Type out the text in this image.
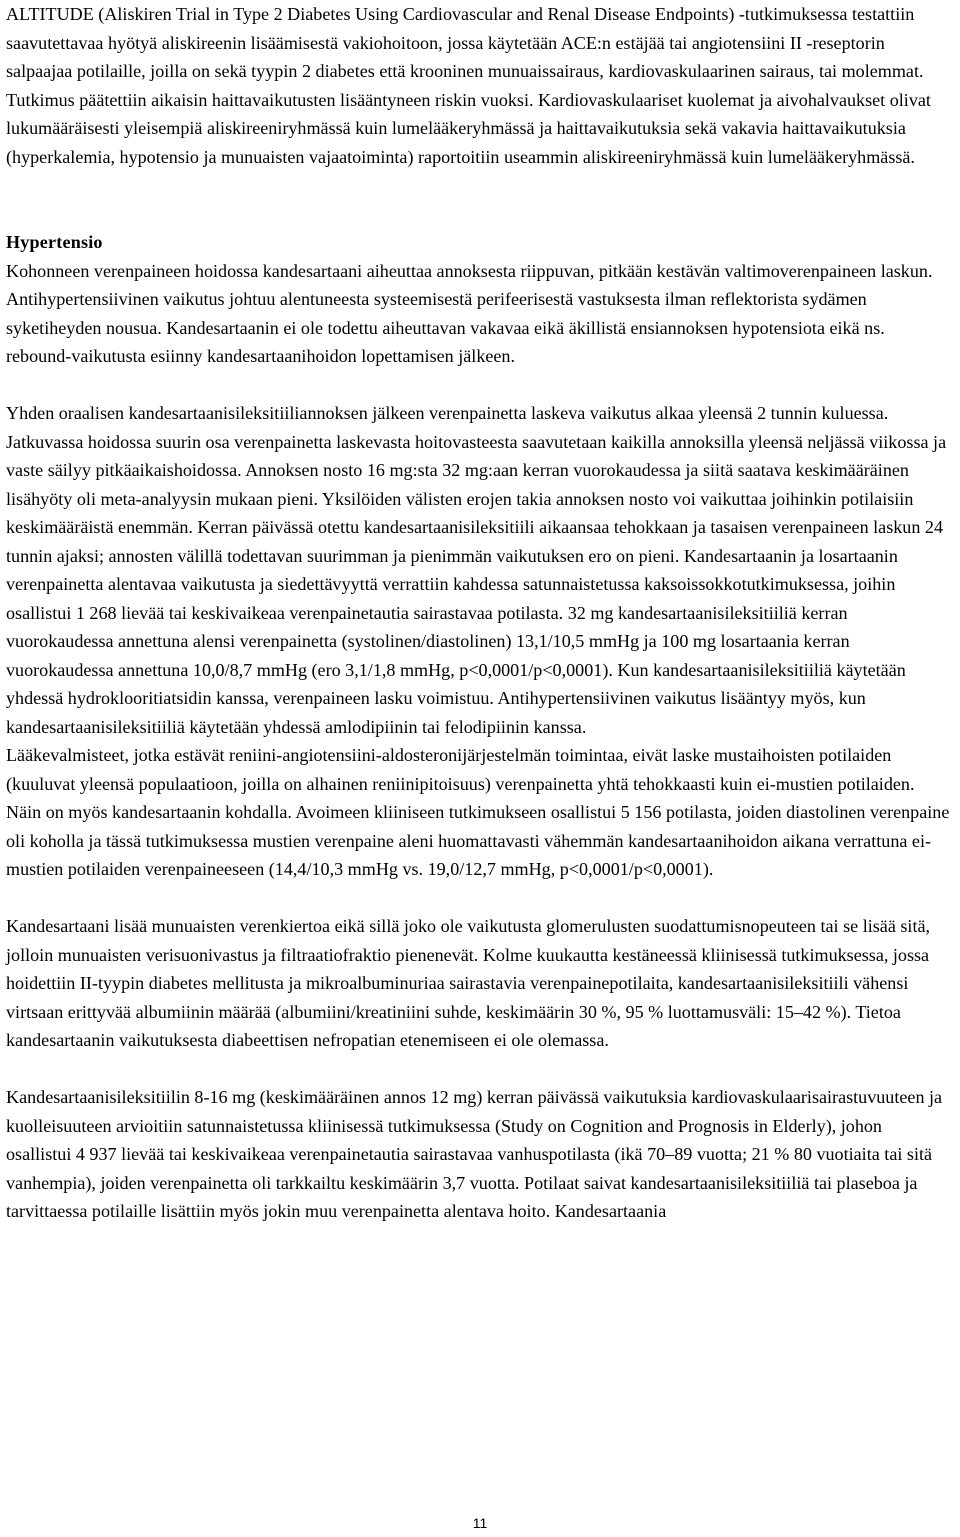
ALTITUDE (Aliskiren Trial in Type 2 Diabetes Using Cardiovascular and Renal Disease Endpoints) -tutkimuksessa testattiin saavutettavaa hyötyä aliskireenin lisäämisestä vakiohoitoon, jossa käytetään ACE:n estäjää tai angiotensiini II -reseptorin salpaajaa potilaille, joilla on sekä tyypin 2 diabetes että krooninen munuaissairaus, kardiovaskulaarinen sairaus, tai molemmat. Tutkimus päätettiin aikaisin haittavaikutusten lisääntyneen riskin vuoksi. Kardiovaskulaariset kuolemat ja aivohalvaukset olivat lukumääräisesti yleisempiä aliskireeniryhmässä kuin lumelääkeryhmässä ja haittavaikutuksia sekä vakavia haittavaikutuksia (hyperkalemia, hypotensio ja munuaisten vajaatoiminta) raportoitiin useammin aliskireeniryhmässä kuin lumelääkeryhmässä.

Hypertensio

Kohonneen verenpaineen hoidossa kandesartaani aiheuttaa annoksesta riippuvan, pitkään kestävän valtimoverenpaineen laskun. Antihypertensiivinen vaikutus johtuu alentuneesta systeemisestä perifeerisestä vastuksesta ilman reflektorista sydämen syketiheyden nousua. Kandesartaanin ei ole todettu aiheuttavan vakavaa eikä äkillistä ensiannoksen hypotensiota eikä ns. rebound-vaikutusta esiinny kandesartaanihoidon lopettamisen jälkeen.

Yhden oraalisen kandesartaanisileksitiiliannoksen jälkeen verenpainetta laskeva vaikutus alkaa yleensä 2 tunnin kuluessa. Jatkuvassa hoidossa suurin osa verenpainetta laskevasta hoitovasteesta saavutetaan kaikilla annoksilla yleensä neljässä viikossa ja vaste säilyy pitkäaikaishoidossa. Annoksen nosto 16 mg:sta 32 mg:aan kerran vuorokaudessa ja siitä saatava keskimääräinen lisähyöty oli meta-analyysin mukaan pieni. Yksilöiden välisten erojen takia annoksen nosto voi vaikuttaa joihinkin potilaisiin keskimääräistä enemmän. Kerran päivässä otettu kandesartaanisileksitiili aikaansaa tehokkaan ja tasaisen verenpaineen laskun 24 tunnin ajaksi; annosten välillä todettavan suurimman ja pienimmän vaikutuksen ero on pieni. Kandesartaanin ja losartaanin verenpainetta alentavaa vaikutusta ja siedettävyyttä verrattiin kahdessa satunnaistetussa kaksoissokkotutkimuksessa, joihin osallistui 1 268 lievää tai keskivaikeaa verenpainetautia sairastavaa potilasta. 32 mg kandesartaanisileksitiiliä kerran vuorokaudessa annettuna alensi verenpainetta (systolinen/diastolinen) 13,1/10,5 mmHg ja 100 mg losartaania kerran vuorokaudessa annettuna 10,0/8,7 mmHg (ero 3,1/1,8 mmHg, p<0,0001/p<0,0001). Kun kandesartaanisileksitiiliä käytetään yhdessä hydroklooritiatsidin kanssa, verenpaineen lasku voimistuu. Antihypertensiivinen vaikutus lisääntyy myös, kun kandesartaanisileksitiiliä käytetään yhdessä amlodipiinin tai felodipiinin kanssa.

Lääkevalmisteet, jotka estävät reniini-angiotensiini-aldosteronijärjestelmän toimintaa, eivät laske mustaihoisten potilaiden (kuuluvat yleensä populaatioon, joilla on alhainen reniinipitoisuus) verenpainetta yhtä tehokkaasti kuin ei-mustien potilaiden. Näin on myös kandesartaanin kohdalla. Avoimeen kliiniseen tutkimukseen osallistui 5 156 potilasta, joiden diastolinen verenpaine oli koholla ja tässä tutkimuksessa mustien verenpaine aleni huomattavasti vähemmän kandesartaanihoidon aikana verrattuna ei-mustien potilaiden verenpaineeseen (14,4/10,3 mmHg vs. 19,0/12,7 mmHg, p<0,0001/p<0,0001).

Kandesartaani lisää munuaisten verenkiertoa eikä sillä joko ole vaikutusta glomerulusten suodattumisnopeuteen tai se lisää sitä, jolloin munuaisten verisuonivastus ja filtraatiofraktio pienenevät. Kolme kuukautta kestäneessä kliinisessä tutkimuksessa, jossa hoidettiin II-tyypin diabetes mellitusta ja mikroalbuminuriaa sairastavia verenpainepotilaita, kandesartaanisileksitiili vähensi virtsaan erittyvää albumiinin määrää (albumiini/kreatiniini suhde, keskimäärin 30 %, 95 % luottamusväli: 15–42 %). Tietoa kandesartaanin vaikutuksesta diabeettisen nefropatian etenemiseen ei ole olemassa.

Kandesartaanisileksitiilin 8-16 mg (keskimääräinen annos 12 mg) kerran päivässä vaikutuksia kardiovaskulaarisairastuvuuteen ja kuolleisuuteen arvioitiin satunnaistetussa kliinisessä tutkimuksessa (Study on Cognition and Prognosis in Elderly), johon osallistui 4 937 lievää tai keskivaikeaa verenpainetautia sairastavaa vanhuspotilasta (ikä 70–89 vuotta; 21 % 80 vuotiaita tai sitä vanhempia), joiden verenpainetta oli tarkkailtu keskimäärin 3,7 vuotta. Potilaat saivat kandesartaanisileksitiiliä tai plaseboa ja tarvittaessa potilaille lisättiin myös jokin muu verenpainetta alentava hoito. Kandesartaania

11
